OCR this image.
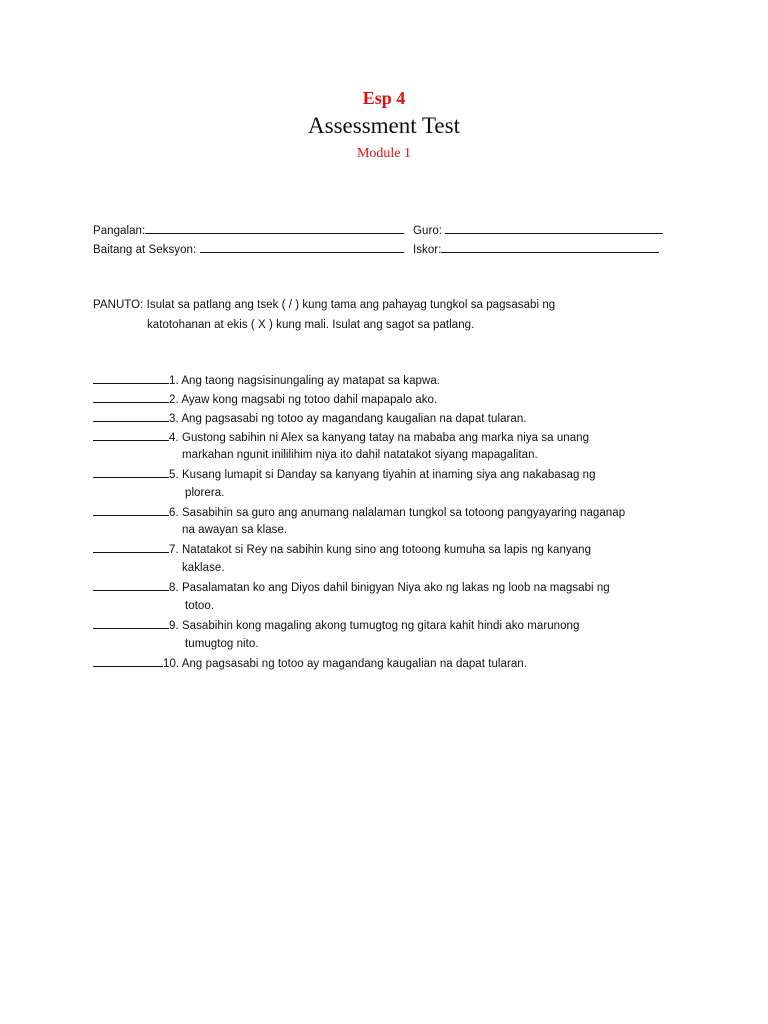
Esp 4
Assessment Test
Module 1
Pangalan:	Guro:
Baitang at Seksyon:	Iskor:
PANUTO: Isulat sa patlang ang tsek ( / ) kung tama ang pahayag tungkol sa pagsasabi ng
katotohanan at ekis ( X ) kung mali. Isulat ang sagot sa patlang.
1. Ang taong nagsisinungaling ay matapat sa kapwa.
2. Ayaw kong magsabi ng totoo dahil mapapalo ako.
3. Ang pagsasabi ng totoo ay magandang kaugalian na dapat tularan.
4. Gustong sabihin ni Alex sa kanyang tatay na mababa ang marka niya sa unang
markahan ngunit inililihim niya ito dahil natatakot siyang mapagalitan.
5. Kusang lumapit si Danday sa kanyang tiyahin at inaming siya ang nakabasag ng
plorera.
6. Sasabihin sa guro ang anumang nalalaman tungkol sa totoong pangyayaring naganap
na awayan sa klase.
7. Natatakot si Rey na sabihin kung sino ang totoong kumuha sa lapis ng kanyang
kaklase.
8. Pasalamatan ko ang Diyos dahil binigyan Niya ako ng lakas ng loob na magsabi ng
totoo.
9. Sasabihin kong magaling akong tumugtog ng gitara kahit hindi ako marunong
tumugtog nito.
10. Ang pagsasabi ng totoo ay magandang kaugalian na dapat tularan.
